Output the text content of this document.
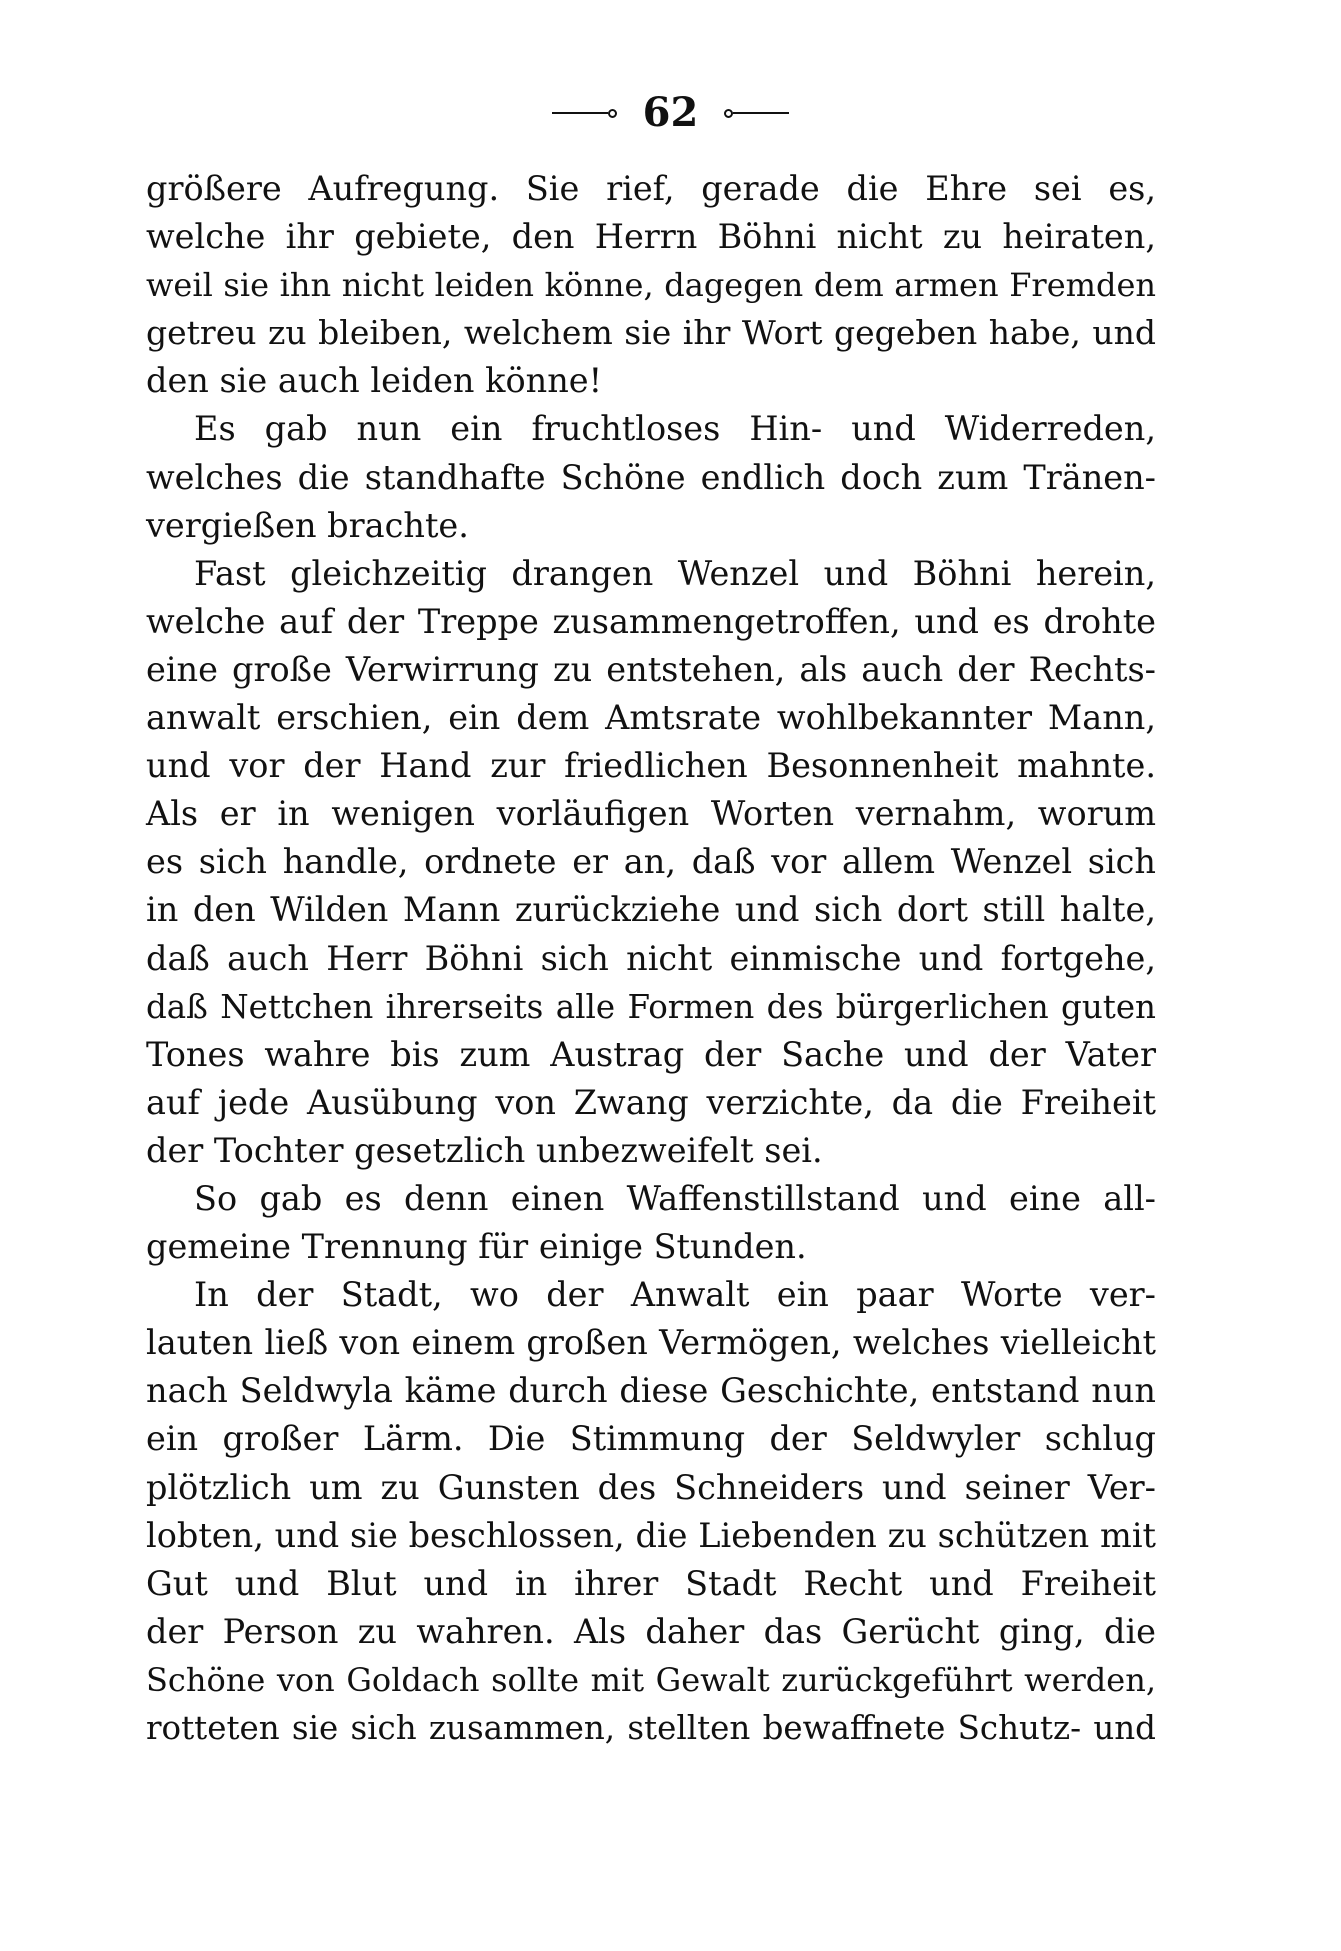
62
größere Aufregung. Sie rief, gerade die Ehre sei es,
welche ihr gebiete, den Herrn Böhni nicht zu heiraten,
weil sie ihn nicht leiden könne, dagegen dem armen Fremden
getreu zu bleiben, welchem sie ihr Wort gegeben habe, und
den sie auch leiden könne!
Es gab nun ein fruchtloses Hin- und Widerreden,
welches die standhafte Schöne endlich doch zum Tränen-
vergießen brachte.
Fast gleichzeitig drangen Wenzel und Böhni herein,
welche auf der Treppe zusammengetroffen, und es drohte
eine große Verwirrung zu entstehen, als auch der Rechts-
anwalt erschien, ein dem Amtsrate wohlbekannter Mann,
und vor der Hand zur friedlichen Besonnenheit mahnte.
Als er in wenigen vorläufigen Worten vernahm, worum
es sich handle, ordnete er an, daß vor allem Wenzel sich
in den Wilden Mann zurückziehe und sich dort still halte,
daß auch Herr Böhni sich nicht einmische und fortgehe,
daß Nettchen ihrerseits alle Formen des bürgerlichen guten
Tones wahre bis zum Austrag der Sache und der Vater
auf jede Ausübung von Zwang verzichte, da die Freiheit
der Tochter gesetzlich unbezweifelt sei.
So gab es denn einen Waffenstillstand und eine all-
gemeine Trennung für einige Stunden.
In der Stadt, wo der Anwalt ein paar Worte ver-
lauten ließ von einem großen Vermögen, welches vielleicht
nach Seldwyla käme durch diese Geschichte, entstand nun
ein großer Lärm. Die Stimmung der Seldwyler schlug
plötzlich um zu Gunsten des Schneiders und seiner Ver-
lobten, und sie beschlossen, die Liebenden zu schützen mit
Gut und Blut und in ihrer Stadt Recht und Freiheit
der Person zu wahren. Als daher das Gerücht ging, die
Schöne von Goldach sollte mit Gewalt zurückgeführt werden,
rotteten sie sich zusammen, stellten bewaffnete Schutz- und
